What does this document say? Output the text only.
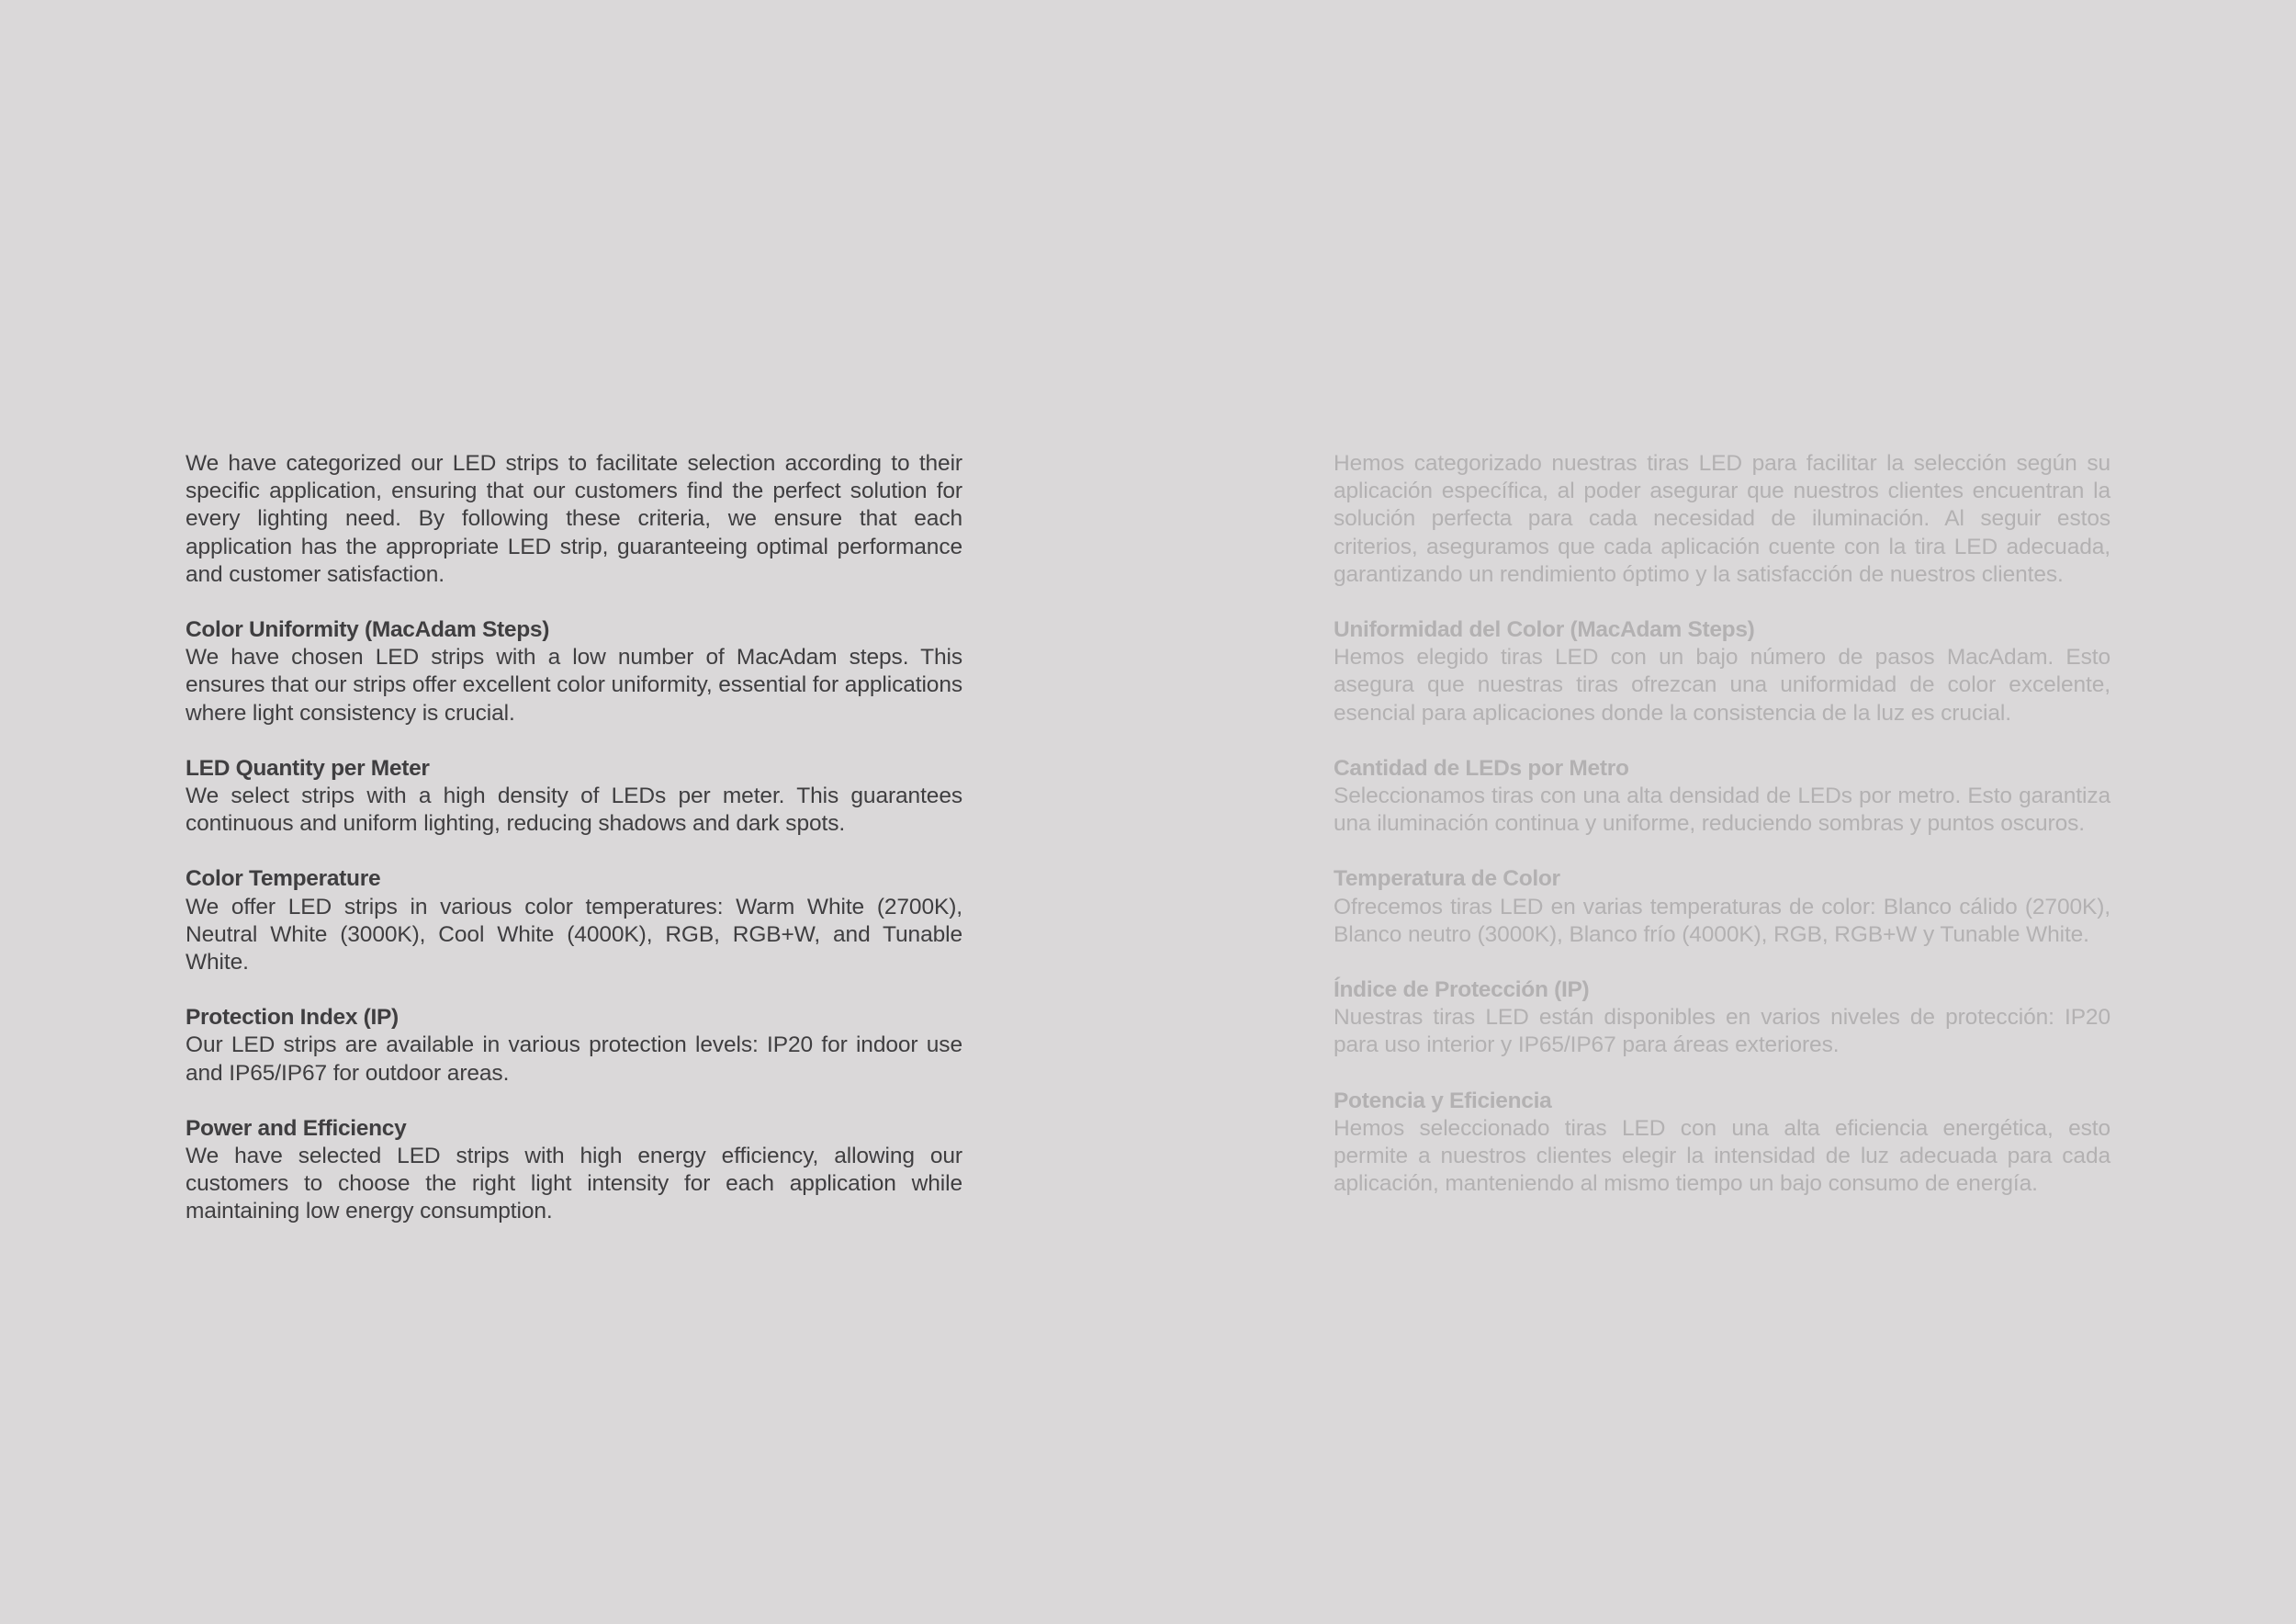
We have categorized our LED strips to facilitate selection according to their specific application, ensuring that our customers find the perfect solution for every lighting need. By following these criteria, we ensure that each application has the appropriate LED strip, guaranteeing optimal performance and customer satisfaction.

Color Uniformity (MacAdam Steps)
We have chosen LED strips with a low number of MacAdam steps. This ensures that our strips offer excellent color uniformity, essential for applications where light consistency is crucial.
LED Quantity per Meter
We select strips with a high density of LEDs per meter. This guarantees continuous and uniform lighting, reducing shadows and dark spots.
Color Temperature
We offer LED strips in various color temperatures: Warm White (2700K), Neutral White (3000K), Cool White (4000K), RGB, RGB+W, and Tunable White.
Protection Index (IP)
Our LED strips are available in various protection levels: IP20 for indoor use and IP65/IP67 for outdoor areas.
Power and Efficiency
We have selected LED strips with high energy efficiency, allowing our customers to choose the right light intensity for each application while maintaining low energy consumption.

Hemos categorizado nuestras tiras LED para facilitar la selección según su aplicación específica, al poder asegurar que nuestros clientes encuentran la solución perfecta para cada necesidad de iluminación. Al seguir estos criterios, aseguramos que cada aplicación cuente con la tira LED adecuada, garantizando un rendimiento óptimo y la satisfacción de nuestros clientes.

Uniformidad del Color (MacAdam Steps)
Hemos elegido tiras LED con un bajo número de pasos MacAdam. Esto asegura que nuestras tiras ofrezcan una uniformidad de color excelente, esencial para aplicaciones donde la consistencia de la luz es crucial.
Cantidad de LEDs por Metro
Seleccionamos tiras con una alta densidad de LEDs por metro. Esto garantiza una iluminación continua y uniforme, reduciendo sombras y puntos oscuros.
Temperatura de Color
Ofrecemos tiras LED en varias temperaturas de color: Blanco cálido (2700K), Blanco neutro (3000K), Blanco frío (4000K), RGB, RGB+W y Tunable White.
Índice de Protección (IP)
Nuestras tiras LED están disponibles en varios niveles de protección: IP20 para uso interior y IP65/IP67 para áreas exteriores.
Potencia y Eficiencia
Hemos seleccionado tiras LED con una alta eficiencia energética, esto permite a nuestros clientes elegir la intensidad de luz adecuada para cada aplicación, manteniendo al mismo tiempo un bajo consumo de energía.
